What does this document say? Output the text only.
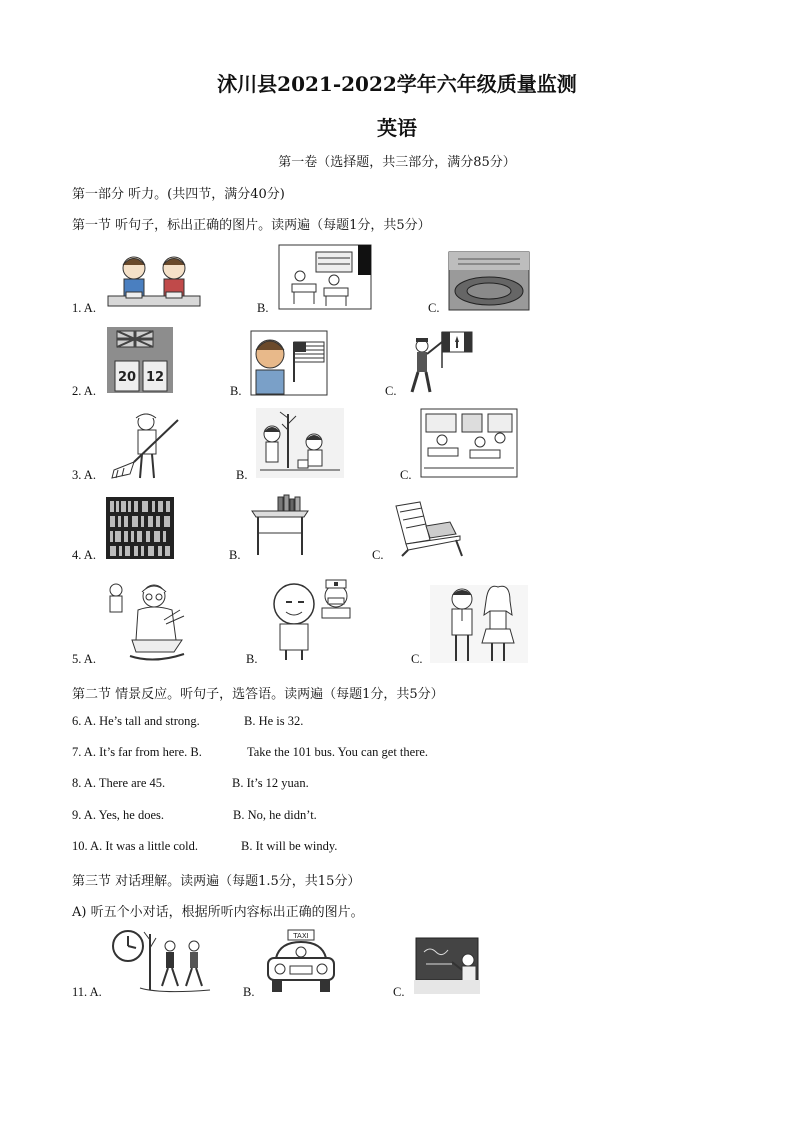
沭川县2021-2022学年六年级质量监测
英语
第一卷（选择题，共三部分，满分85分）
第一部分 听力。(共四节，满分40分)
第一节 听句子，标出正确的图片。读两遍（每题1分，共5分）
1. A.	B.	C.
2. A.
20 12
B.	C.
3. A.	B.	C.
4. A.	B.	C.
5. A.	B.	C.
第二节 情景反应。听句子，选答语。读两遍（每题1分，共5分）
6. A. He’s tall and strong.	B. He is 32.
7. A. It’s far from here. B.	Take the 101 bus. You can get there.
8. A. There are 45.	B. It’s 12 yuan.
9. A. Yes, he does.	B. No, he didn’t.
10. A. It was a little cold.	B. It will be windy.
第三节 对话理解。读两遍（每题1.5分，共15分）
A) 听五个小对话，根据所听内容标出正确的图片。
11. A.	B.
TAXI
C.
